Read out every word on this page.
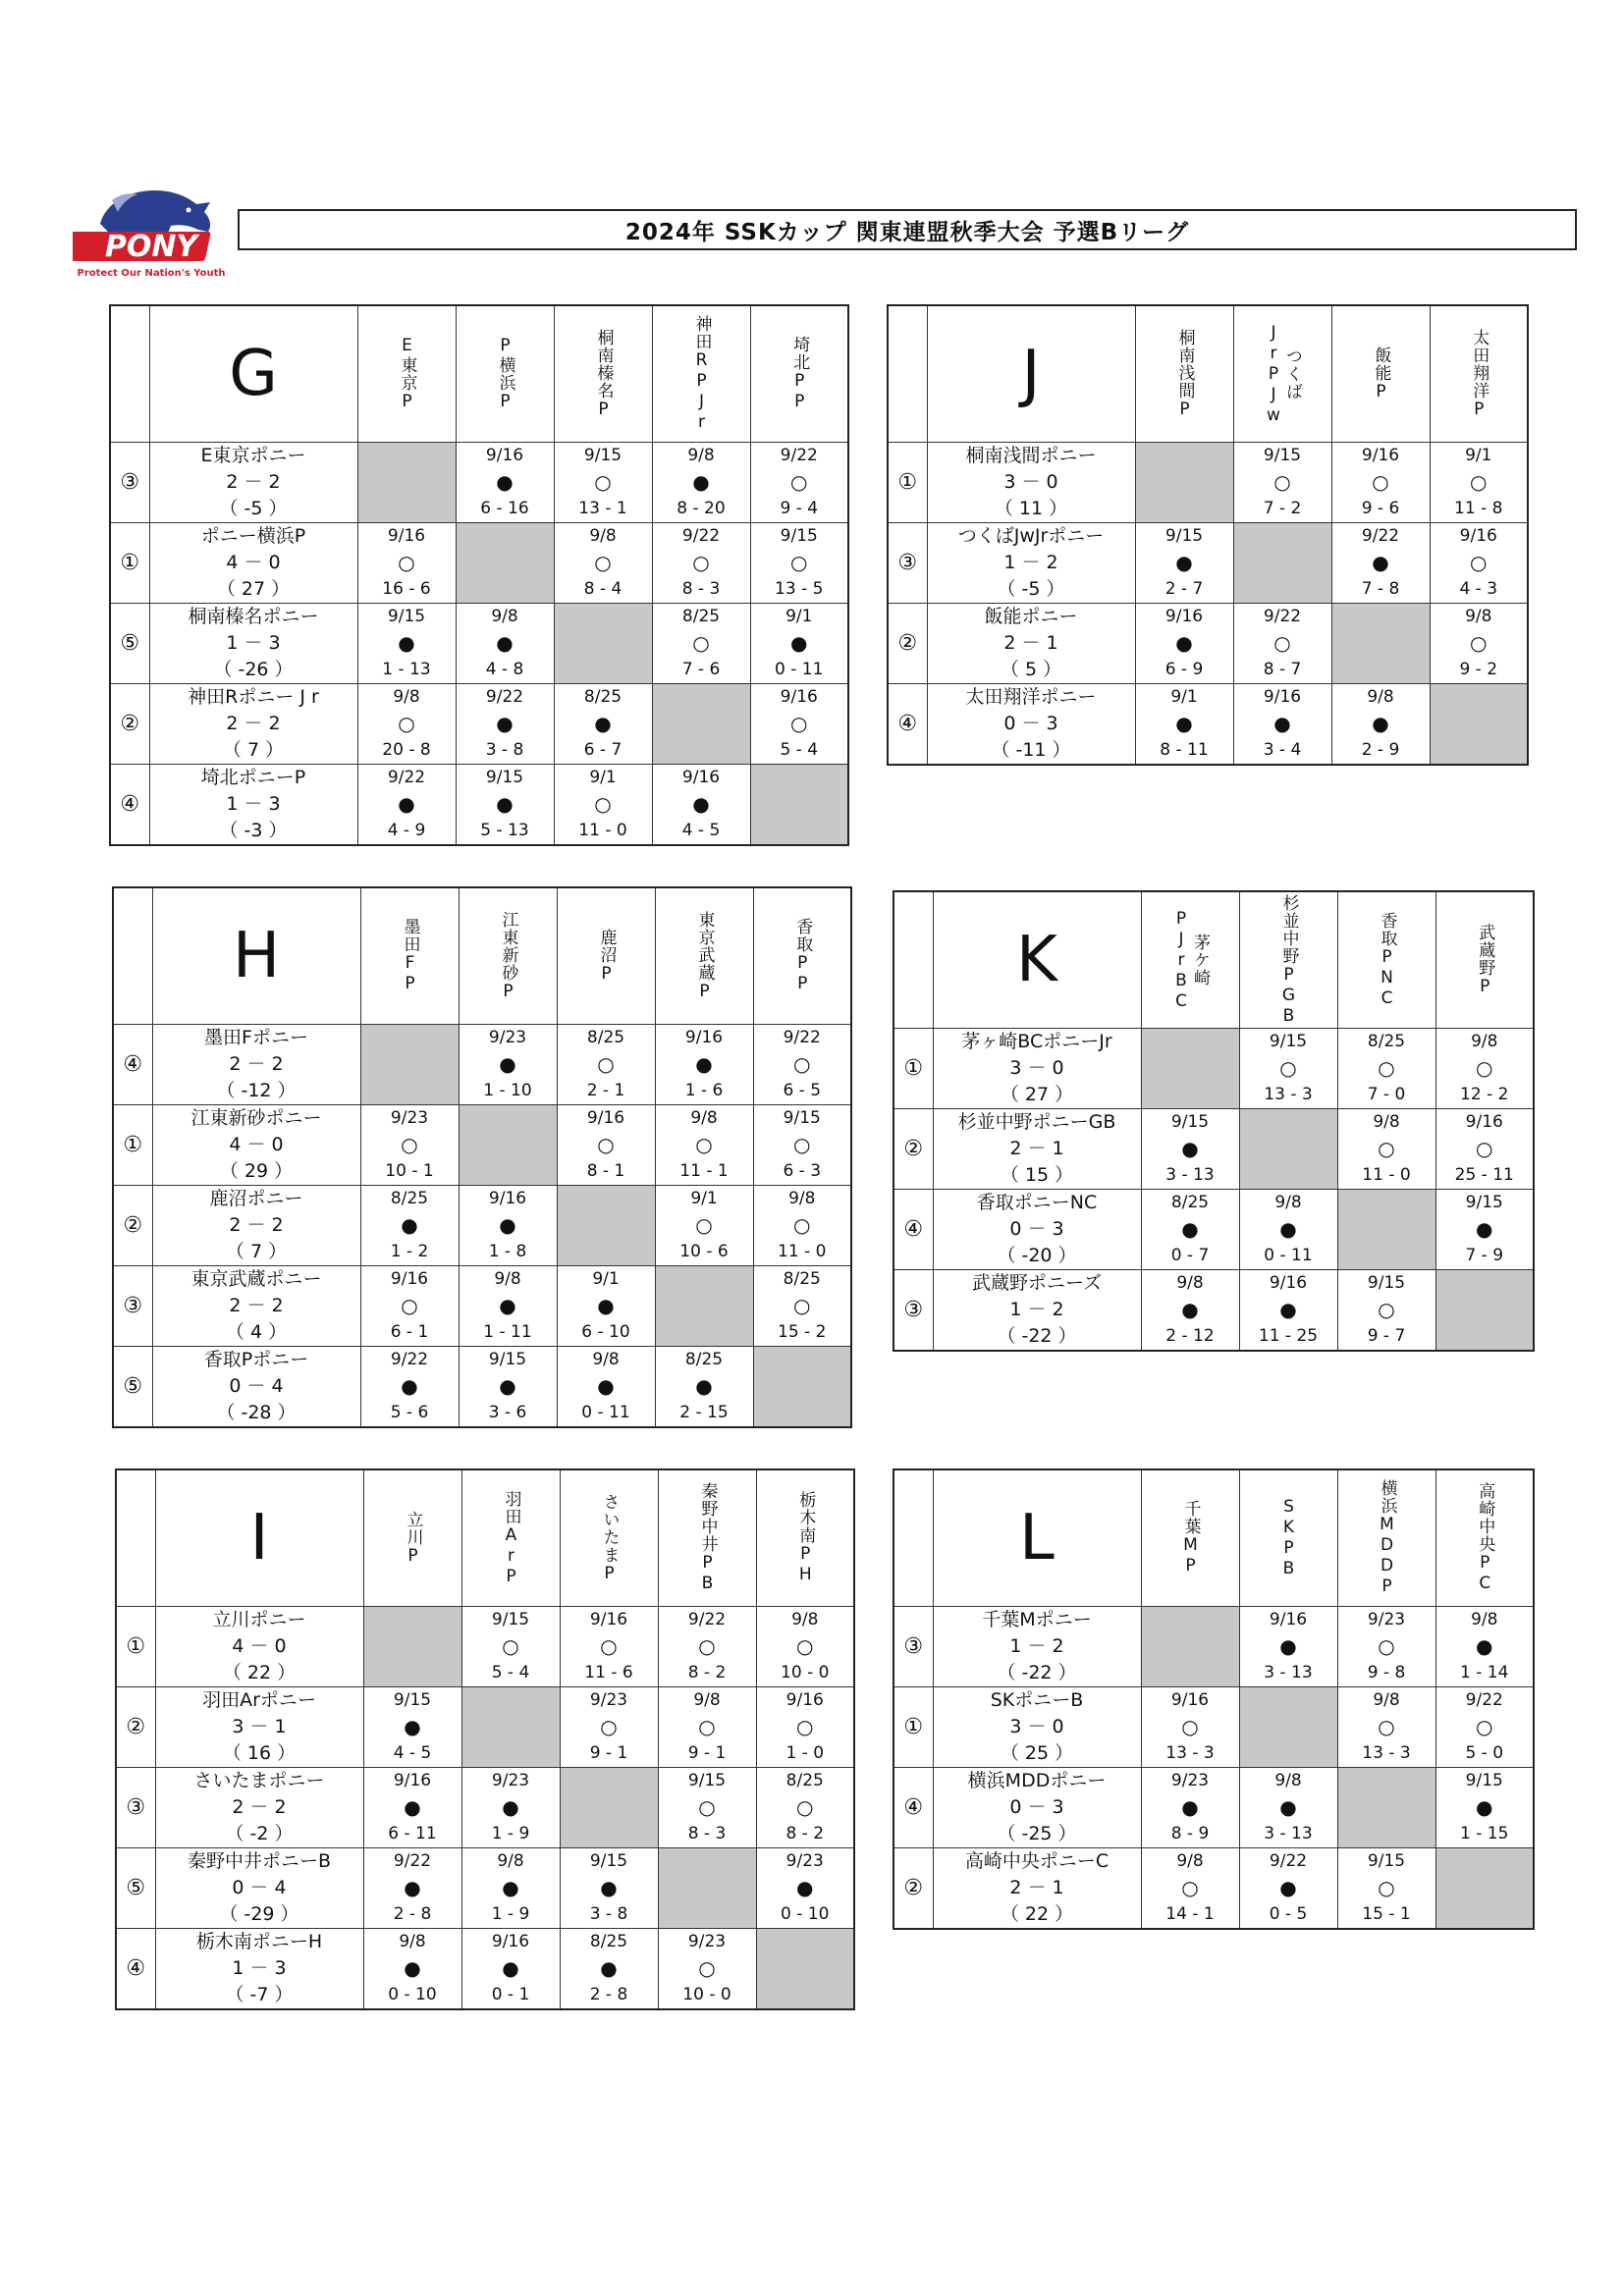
PONY
Protect Our Nation's Youth
2024年 SSKカップ 関東連盟秋季大会 予選Bリーグ
	G	E東京P	P横浜P	桐南榛名P	神田RPJr	埼北PP

③	E東京ポニー
2 － 2
（ -5 ）		9/16
●
6 - 16	9/15
○
13 - 1	9/8
●
8 - 20	9/22
○
9 - 4

①	ポニー横浜P
4 － 0
（ 27 ）	9/16
○
16 - 6		9/8
○
8 - 4	9/22
○
8 - 3	9/15
○
13 - 5

⑤	桐南榛名ポニー
1 － 3
（ -26 ）	9/15
●
1 - 13	9/8
●
4 - 8		8/25
○
7 - 6	9/1
●
0 - 11

②	神田Rポニー J r
2 － 2
（ 7 ）	9/8
○
20 - 8	9/22
●
3 - 8	8/25
●
6 - 7		9/16
○
5 - 4

④	埼北ポニーP
1 － 3
（ -3 ）	9/22
●
4 - 9	9/15
●
5 - 13	9/1
○
11 - 0	9/16
●
4 - 5	

	J	桐南浅間P	つくばJrPJw	飯能P	太田翔洋P

①	桐南浅間ポニー
3 － 0
（ 11 ）		9/15
○
7 - 2	9/16
○
9 - 6	9/1
○
11 - 8

③	つくばJwJrポニー
1 － 2
（ -5 ）	9/15
●
2 - 7		9/22
●
7 - 8	9/16
○
4 - 3

②	飯能ポニー
2 － 1
（ 5 ）	9/16
●
6 - 9	9/22
○
8 - 7		9/8
○
9 - 2

④	太田翔洋ポニー
0 － 3
（ -11 ）	9/1
●
8 - 11	9/16
●
3 - 4	9/8
●
2 - 9	

	H	墨田FP	江東新砂P	鹿沼P	東京武蔵P	香取PP

④	墨田Fポニー
2 － 2
（ -12 ）		9/23
●
1 - 10	8/25
○
2 - 1	9/16
●
1 - 6	9/22
○
6 - 5

①	江東新砂ポニー
4 － 0
（ 29 ）	9/23
○
10 - 1		9/16
○
8 - 1	9/8
○
11 - 1	9/15
○
6 - 3

②	鹿沼ポニー
2 － 2
（ 7 ）	8/25
●
1 - 2	9/16
●
1 - 8		9/1
○
10 - 6	9/8
○
11 - 0

③	東京武蔵ポニー
2 － 2
（ 4 ）	9/16
○
6 - 1	9/8
●
1 - 11	9/1
●
6 - 10		8/25
○
15 - 2

⑤	香取Pポニー
0 － 4
（ -28 ）	9/22
●
5 - 6	9/15
●
3 - 6	9/8
●
0 - 11	8/25
●
2 - 15	

	K	茅ケ崎PJrBC	杉並中野PGB	香取PNC	武蔵野P

①	茅ヶ崎BCポニーJr
3 － 0
（ 27 ）		9/15
○
13 - 3	8/25
○
7 - 0	9/8
○
12 - 2

②	杉並中野ポニーGB
2 － 1
（ 15 ）	9/15
●
3 - 13		9/8
○
11 - 0	9/16
○
25 - 11

④	香取ポニーNC
0 － 3
（ -20 ）	8/25
●
0 - 7	9/8
●
0 - 11		9/15
●
7 - 9

③	武蔵野ポニーズ
1 － 2
（ -22 ）	9/8
●
2 - 12	9/16
●
11 - 25	9/15
○
9 - 7	

	I	立川P	羽田ArP	さいたまP	秦野中井PB	栃木南PH

①	立川ポニー
4 － 0
（ 22 ）		9/15
○
5 - 4	9/16
○
11 - 6	9/22
○
8 - 2	9/8
○
10 - 0

②	羽田Arポニー
3 － 1
（ 16 ）	9/15
●
4 - 5		9/23
○
9 - 1	9/8
○
9 - 1	9/16
○
1 - 0

③	さいたまポニー
2 － 2
（ -2 ）	9/16
●
6 - 11	9/23
●
1 - 9		9/15
○
8 - 3	8/25
○
8 - 2

⑤	秦野中井ポニーB
0 － 4
（ -29 ）	9/22
●
2 - 8	9/8
●
1 - 9	9/15
●
3 - 8		9/23
●
0 - 10

④	栃木南ポニーH
1 － 3
（ -7 ）	9/8
●
0 - 10	9/16
●
0 - 1	8/25
●
2 - 8	9/23
○
10 - 0	

	L	千葉MP	SKPB	横浜MDDP	高崎中央PC

③	千葉Mポニー
1 － 2
（ -22 ）		9/16
●
3 - 13	9/23
○
9 - 8	9/8
●
1 - 14

①	SKポニーB
3 － 0
（ 25 ）	9/16
○
13 - 3		9/8
○
13 - 3	9/22
○
5 - 0

④	横浜MDDポニー
0 － 3
（ -25 ）	9/23
●
8 - 9	9/8
●
3 - 13		9/15
●
1 - 15

②	高崎中央ポニーC
2 － 1
（ 22 ）	9/8
○
14 - 1	9/22
●
0 - 5	9/15
○
15 - 1	
